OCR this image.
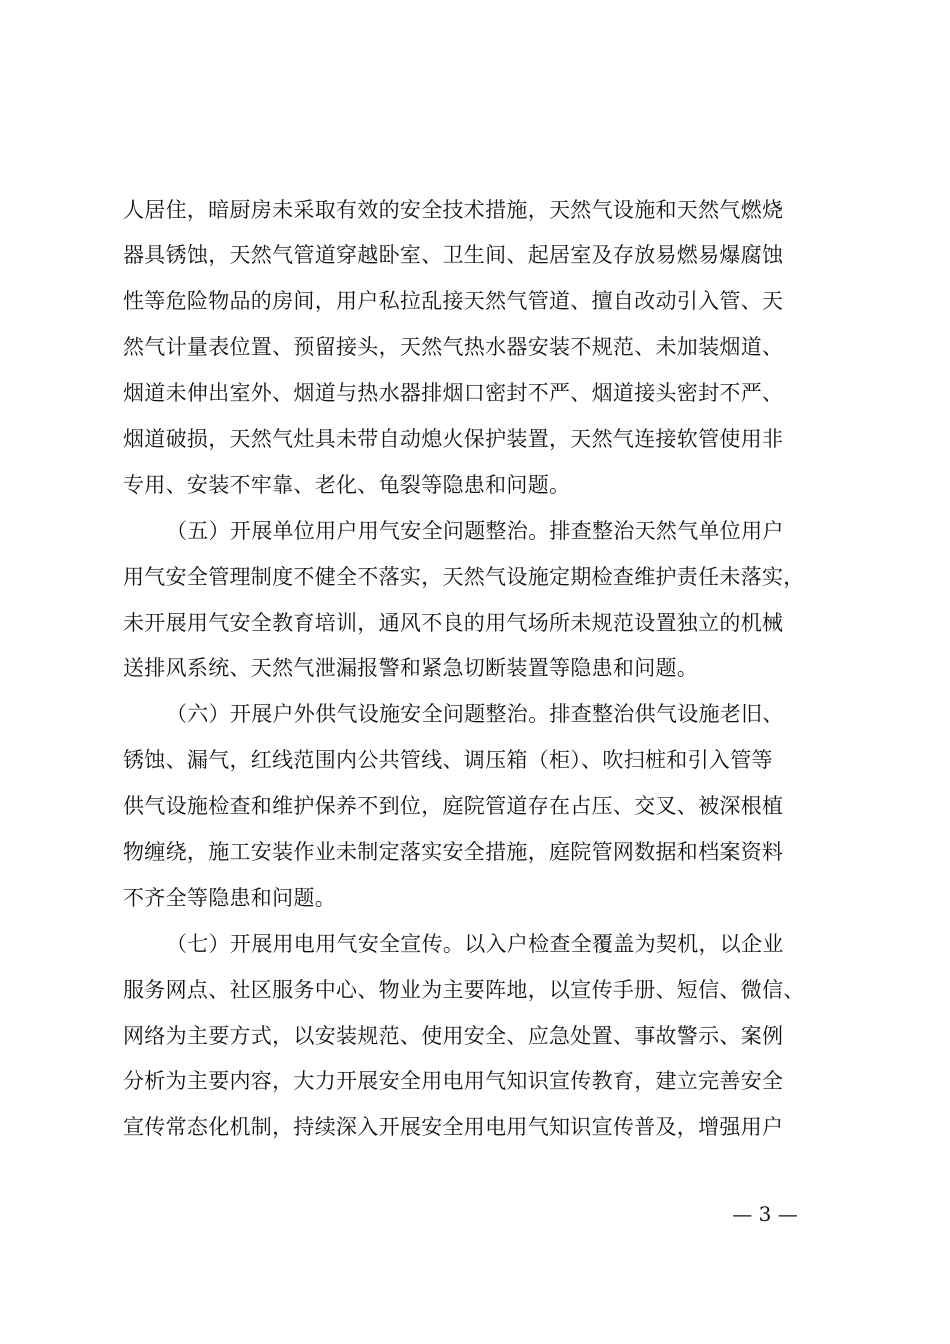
人居住，暗厨房未采取有效的安全技术措施，天然气设施和天然气燃烧
器具锈蚀，天然气管道穿越卧室、卫生间、起居室及存放易燃易爆腐蚀
性等危险物品的房间，用户私拉乱接天然气管道、擅自改动引入管、天
然气计量表位置、预留接头，天然气热水器安装不规范、未加装烟道、
烟道未伸出室外、烟道与热水器排烟口密封不严、烟道接头密封不严、
烟道破损，天然气灶具未带自动熄火保护装置，天然气连接软管使用非
专用、安装不牢靠、老化、龟裂等隐患和问题。
（五）开展单位用户用气安全问题整治。排查整治天然气单位用户
用气安全管理制度不健全不落实，天然气设施定期检查维护责任未落实，
未开展用气安全教育培训，通风不良的用气场所未规范设置独立的机械
送排风系统、天然气泄漏报警和紧急切断装置等隐患和问题。
（六）开展户外供气设施安全问题整治。排查整治供气设施老旧、
锈蚀、漏气，红线范围内公共管线、调压箱（柜）、吹扫桩和引入管等
供气设施检查和维护保养不到位，庭院管道存在占压、交叉、被深根植
物缠绕，施工安装作业未制定落实安全措施，庭院管网数据和档案资料
不齐全等隐患和问题。
（七）开展用电用气安全宣传。以入户检查全覆盖为契机，以企业
服务网点、社区服务中心、物业为主要阵地，以宣传手册、短信、微信、
网络为主要方式，以安装规范、使用安全、应急处置、事故警示、案例
分析为主要内容，大力开展安全用电用气知识宣传教育，建立完善安全
宣传常态化机制，持续深入开展安全用电用气知识宣传普及，增强用户
— 3 —
